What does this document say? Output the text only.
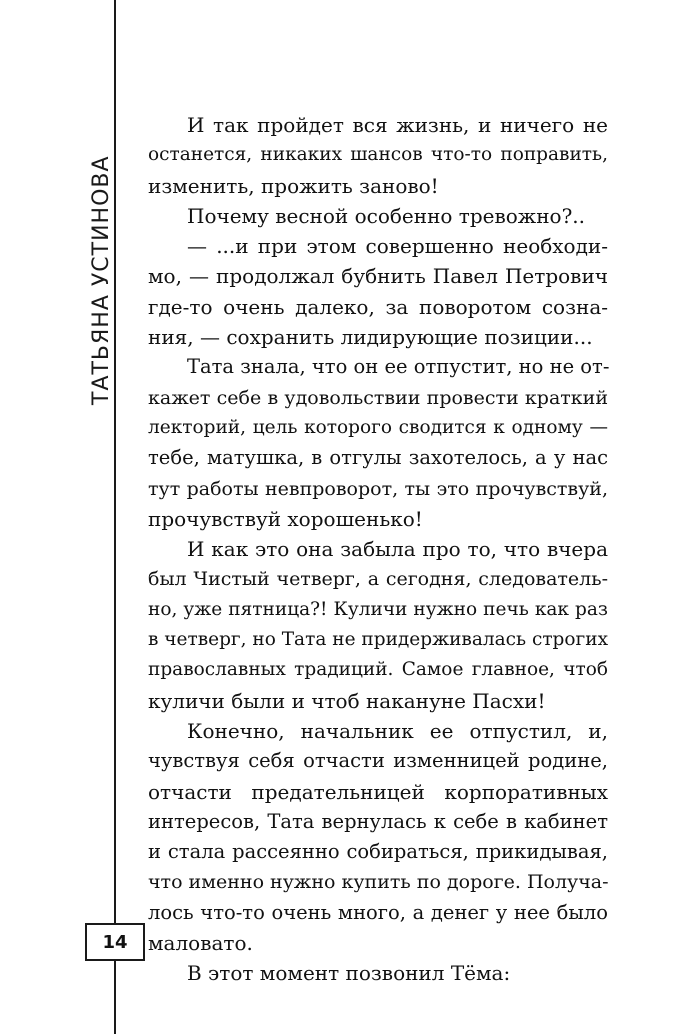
ТАТЬЯНА УСТИНОВА
14
И так пройдет вся жизнь, и ничего не
останется, никаких шансов что-то поправить,
изменить, прожить заново!
Почему весной особенно тревожно?..
— ...и при этом совершенно необходи-
мо, — продолжал бубнить Павел Петрович
где-то очень далеко, за поворотом созна-
ния, — сохранить лидирующие позиции...
Тата знала, что он ее отпустит, но не от-
кажет себе в удовольствии провести краткий
лекторий, цель которого сводится к одному —
тебе, матушка, в отгулы захотелось, а у нас
тут работы невпроворот, ты это прочувствуй,
прочувствуй хорошенько!
И как это она забыла про то, что вчера
был Чистый четверг, а сегодня, следователь-
но, уже пятница?! Куличи нужно печь как раз
в четверг, но Тата не придерживалась строгих
православных традиций. Самое главное, чтоб
куличи были и чтоб накануне Пасхи!
Конечно, начальник ее отпустил, и,
чувствуя себя отчасти изменницей родине,
отчасти предательницей корпоративных
интересов, Тата вернулась к себе в кабинет
и стала рассеянно собираться, прикидывая,
что именно нужно купить по дороге. Получа-
лось что-то очень много, а денег у нее было
маловато.
В этот момент позвонил Тёма:
